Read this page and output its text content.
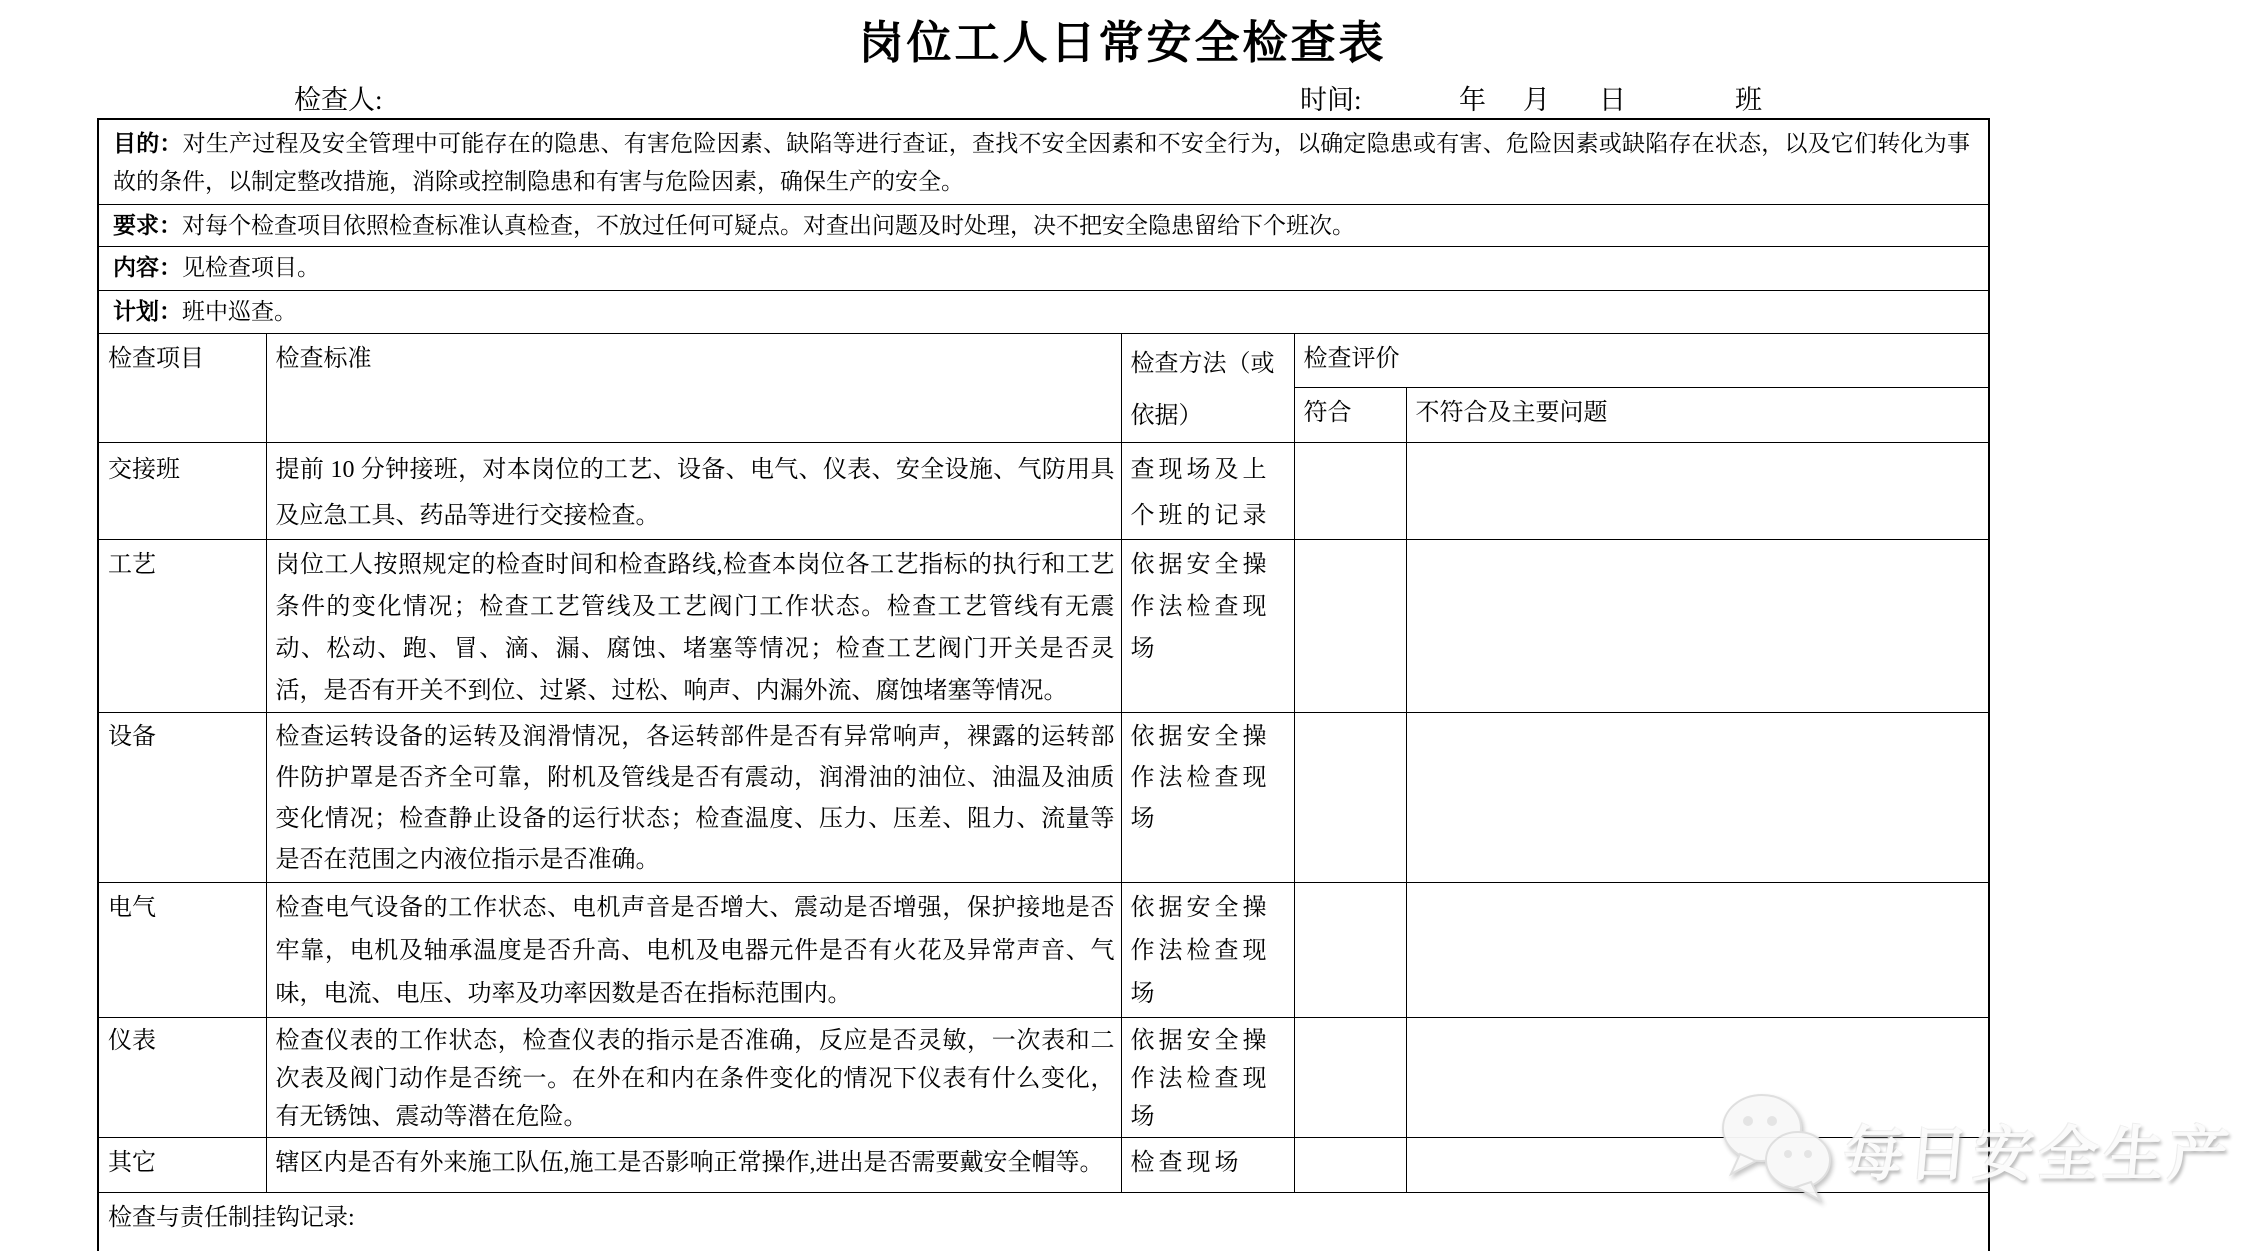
岗位工人日常安全检查表
检查人:	时间:	年 月 日	班
目的：对生产过程及安全管理中可能存在的隐患、有害危险因素、缺陷等进行查证，查找不安全因素和不安全行为，以确定隐患或有害、危险因素或缺陷存在状态，以及它们转化为事故的条件，以制定整改措施，消除或控制隐患和有害与危险因素，确保生产的安全。				
要求：对每个检查项目依照检查标准认真检查，不放过任何可疑点。对查出问题及时处理，决不把安全隐患留给下个班次。				
内容：见检查项目。				
计划：班中巡查。				
检查项目	检查标准	检查方法（或依据）	检查评价	
			符合	不符合及主要问题
交接班	提前 10 分钟接班，对本岗位的工艺、设备、电气、仪表、安全设施、气防用具及应急工具、药品等进行交接检查。	查现场及上个班的记录		
工艺	岗位工人按照规定的检查时间和检查路线,检查本岗位各工艺指标的执行和工艺条件的变化情况；检查工艺管线及工艺阀门工作状态。检查工艺管线有无震动、松动、跑、冒、滴、漏、腐蚀、堵塞等情况；检查工艺阀门开关是否灵活，是否有开关不到位、过紧、过松、响声、内漏外流、腐蚀堵塞等情况。	依据安全操作法检查现场		
设备	检查运转设备的运转及润滑情况，各运转部件是否有异常响声，裸露的运转部件防护罩是否齐全可靠，附机及管线是否有震动，润滑油的油位、油温及油质变化情况；检查静止设备的运行状态；检查温度、压力、压差、阻力、流量等是否在范围之内液位指示是否准确。	依据安全操作法检查现场		
电气	检查电气设备的工作状态、电机声音是否增大、震动是否增强，保护接地是否牢靠，电机及轴承温度是否升高、电机及电器元件是否有火花及异常声音、气味，电流、电压、功率及功率因数是否在指标范围内。	依据安全操作法检查现场		
仪表	检查仪表的工作状态，检查仪表的指示是否准确，反应是否灵敏，一次表和二次表及阀门动作是否统一。在外在和内在条件变化的情况下仪表有什么变化，有无锈蚀、震动等潜在危险。	依据安全操作法检查现场		
其它	辖区内是否有外来施工队伍,施工是否影响正常操作,进出是否需要戴安全帽等。	检查现场		
检查与责任制挂钩记录:				
每日安全生产
